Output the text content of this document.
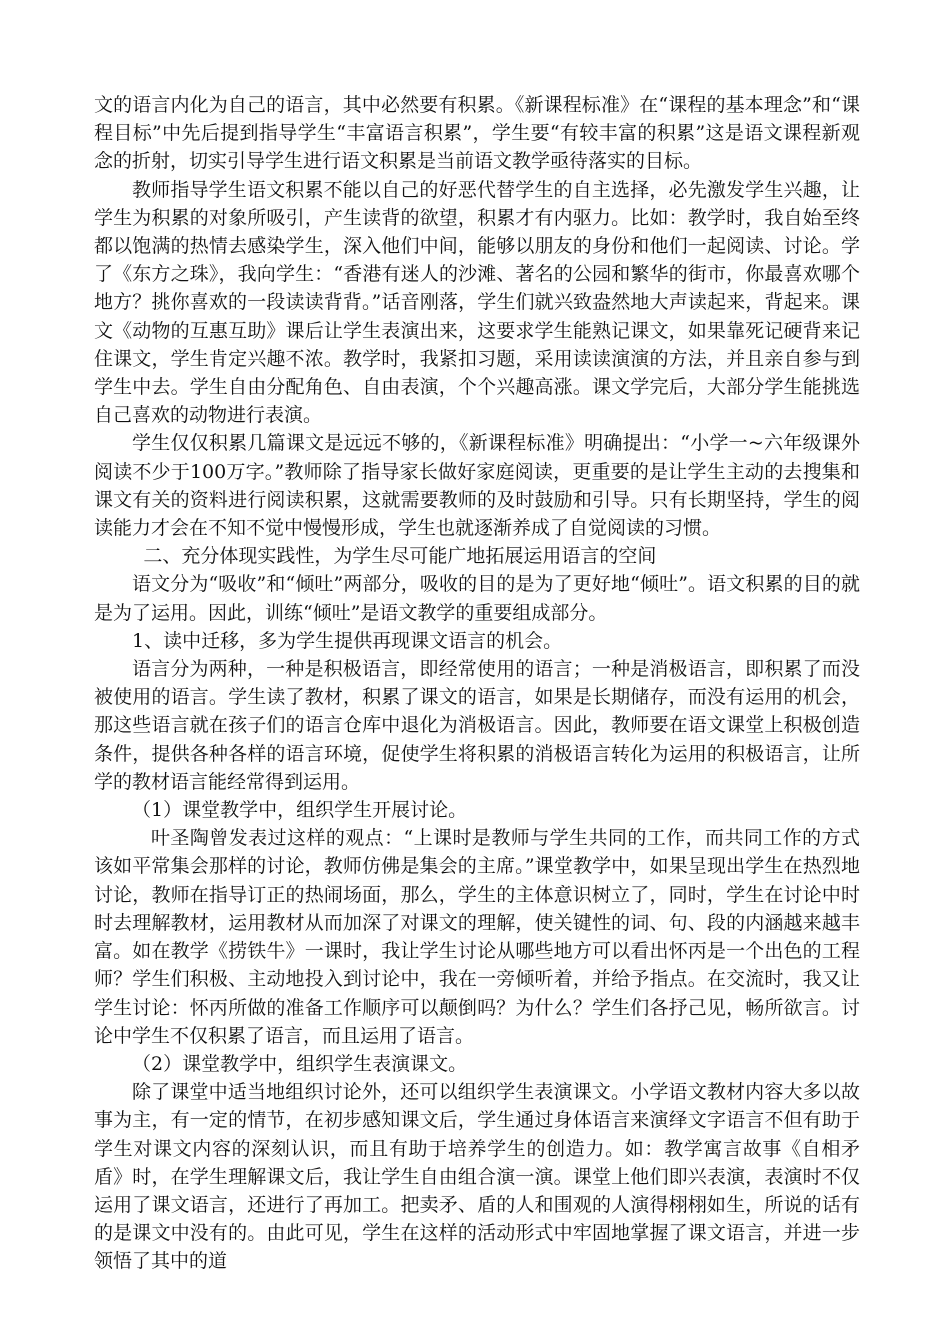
文的语言内化为自己的语言，其中必然要有积累。《新课程标准》在“课程的基本理念”和“课程目标”中先后提到指导学生“丰富语言积累”，学生要“有较丰富的积累”这是语文课程新观念的折射，切实引导学生进行语文积累是当前语文教学亟待落实的目标。

教师指导学生语文积累不能以自己的好恶代替学生的自主选择，必先激发学生兴趣，让学生为积累的对象所吸引，产生读背的欲望，积累才有内驱力。比如：教学时，我自始至终都以饱满的热情去感染学生，深入他们中间，能够以朋友的身份和他们一起阅读、讨论。学了《东方之珠》，我向学生：“香港有迷人的沙滩、著名的公园和繁华的街市，你最喜欢哪个地方？挑你喜欢的一段读读背背。”话音刚落，学生们就兴致盎然地大声读起来，背起来。课文《动物的互惠互助》课后让学生表演出来，这要求学生能熟记课文，如果靠死记硬背来记住课文，学生肯定兴趣不浓。教学时，我紧扣习题，采用读读演演的方法，并且亲自参与到学生中去。学生自由分配角色、自由表演，个个兴趣高涨。课文学完后，大部分学生能挑选自己喜欢的动物进行表演。

学生仅仅积累几篇课文是远远不够的，《新课程标准》明确提出：“小学一~六年级课外阅读不少于100万字。”教师除了指导家长做好家庭阅读，更重要的是让学生主动的去搜集和课文有关的资料进行阅读积累，这就需要教师的及时鼓励和引导。只有长期坚持，学生的阅读能力才会在不知不觉中慢慢形成，学生也就逐渐养成了自觉阅读的习惯。

二、充分体现实践性，为学生尽可能广地拓展运用语言的空间

语文分为“吸收”和“倾吐”两部分，吸收的目的是为了更好地“倾吐”。语文积累的目的就是为了运用。因此，训练“倾吐”是语文教学的重要组成部分。

1、读中迁移，多为学生提供再现课文语言的机会。

语言分为两种，一种是积极语言，即经常使用的语言；一种是消极语言，即积累了而没被使用的语言。学生读了教材，积累了课文的语言，如果是长期储存，而没有运用的机会，那这些语言就在孩子们的语言仓库中退化为消极语言。因此，教师要在语文课堂上积极创造条件，提供各种各样的语言环境，促使学生将积累的消极语言转化为运用的积极语言，让所学的教材语言能经常得到运用。

（1）课堂教学中，组织学生开展讨论。

叶圣陶曾发表过这样的观点：“上课时是教师与学生共同的工作，而共同工作的方式该如平常集会那样的讨论，教师仿佛是集会的主席。”课堂教学中，如果呈现出学生在热烈地讨论，教师在指导订正的热闹场面，那么，学生的主体意识树立了，同时，学生在讨论中时时去理解教材，运用教材从而加深了对课文的理解，使关键性的词、句、段的内涵越来越丰富。如在教学《捞铁牛》一课时，我让学生讨论从哪些地方可以看出怀丙是一个出色的工程师？学生们积极、主动地投入到讨论中，我在一旁倾听着，并给予指点。在交流时，我又让学生讨论：怀丙所做的准备工作顺序可以颠倒吗？为什么？学生们各抒己见，畅所欲言。讨论中学生不仅积累了语言，而且运用了语言。

（2）课堂教学中，组织学生表演课文。

除了课堂中适当地组织讨论外，还可以组织学生表演课文。小学语文教材内容大多以故事为主，有一定的情节，在初步感知课文后，学生通过身体语言来演绎文字语言不但有助于学生对课文内容的深刻认识，而且有助于培养学生的创造力。如：教学寓言故事《自相矛盾》时，在学生理解课文后，我让学生自由组合演一演。课堂上他们即兴表演，表演时不仅运用了课文语言，还进行了再加工。把卖矛、盾的人和围观的人演得栩栩如生，所说的话有的是课文中没有的。由此可见，学生在这样的活动形式中牢固地掌握了课文语言，并进一步领悟了其中的道
